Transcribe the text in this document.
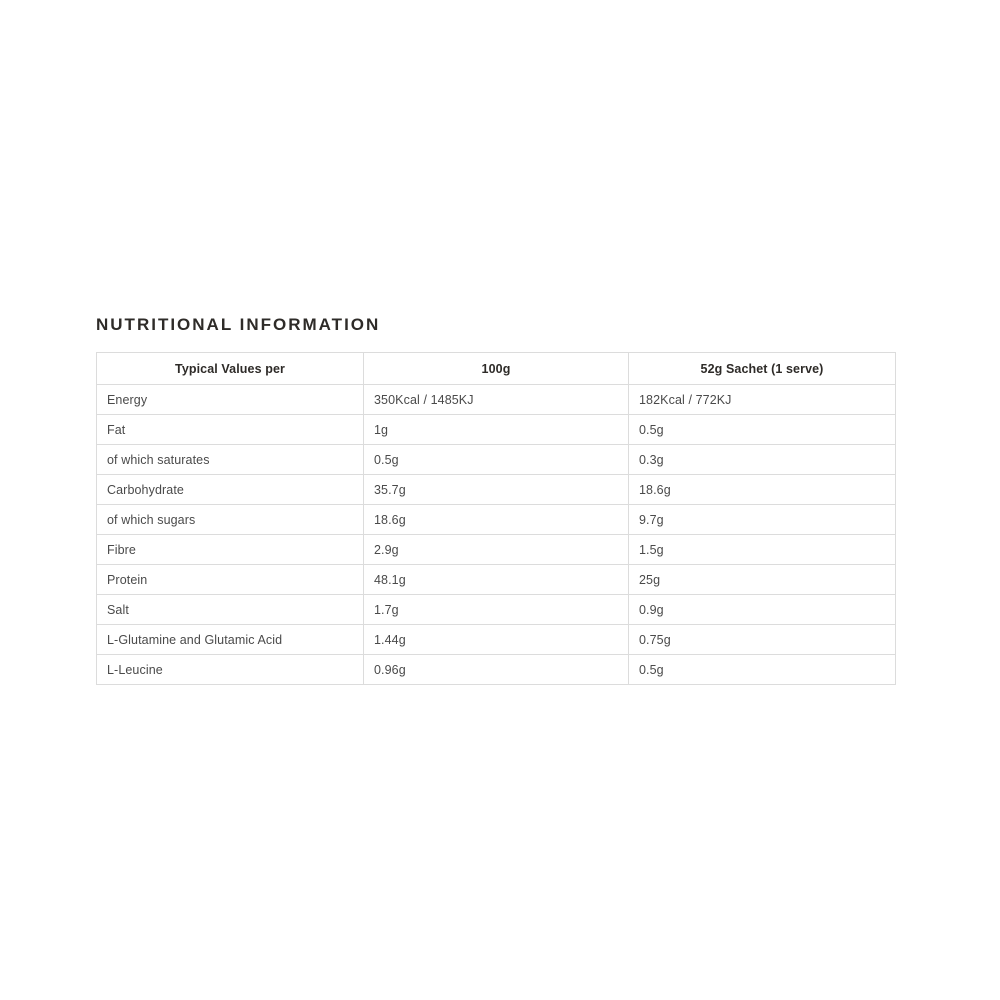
NUTRITIONAL INFORMATION
Typical Values per	100g	52g Sachet (1 serve)
Energy	350Kcal / 1485KJ	182Kcal / 772KJ
Fat	1g	0.5g
of which saturates	0.5g	0.3g
Carbohydrate	35.7g	18.6g
of which sugars	18.6g	9.7g
Fibre	2.9g	1.5g
Protein	48.1g	25g
Salt	1.7g	0.9g
L-Glutamine and Glutamic Acid	1.44g	0.75g
L-Leucine	0.96g	0.5g
